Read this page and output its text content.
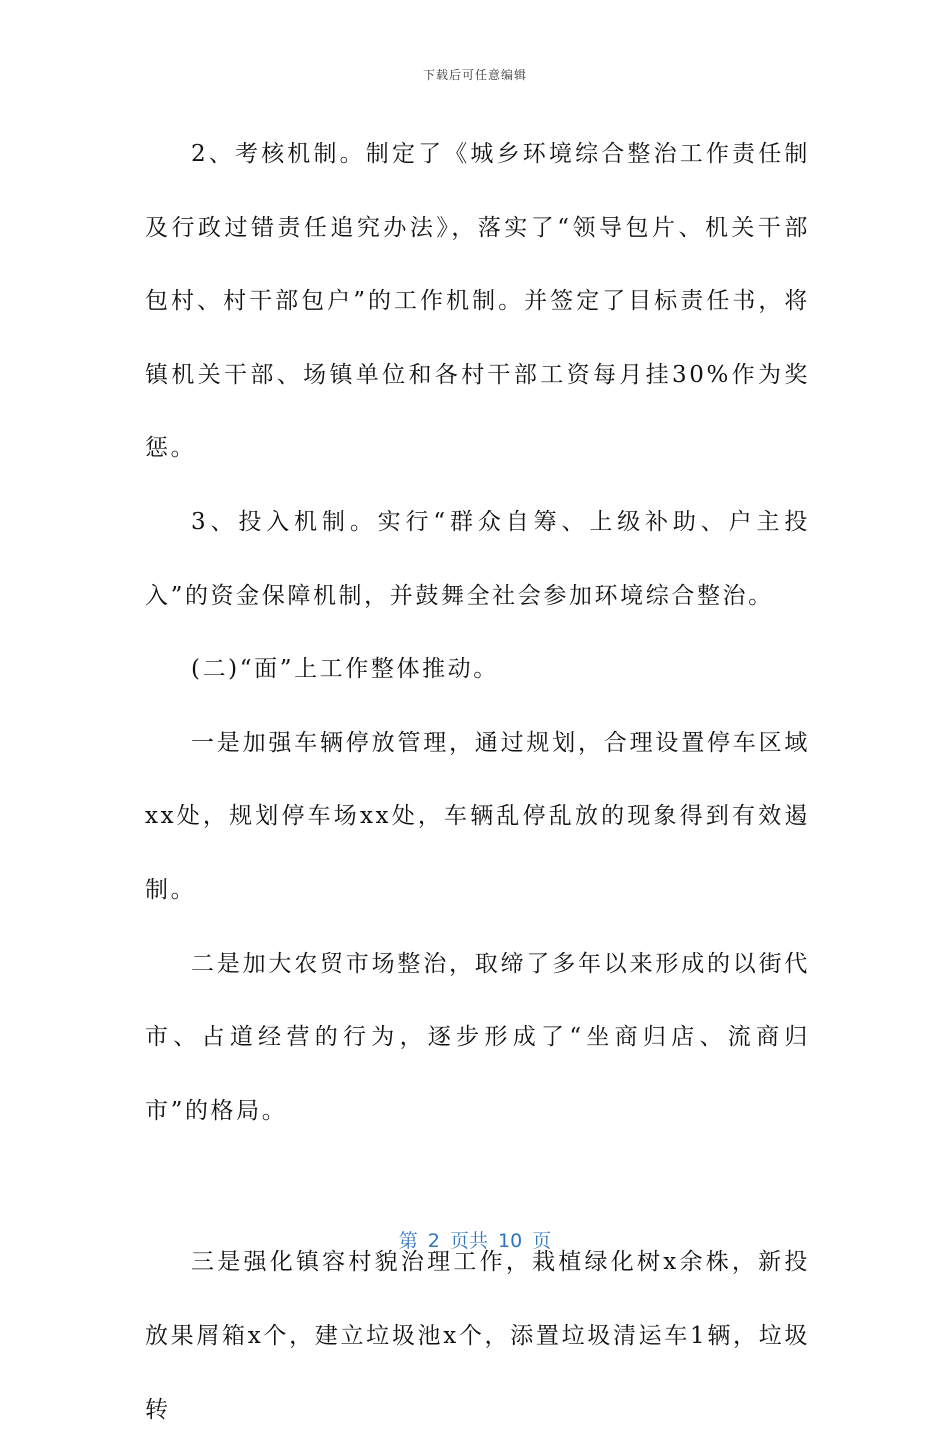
下载后可任意编辑

2、考核机制。制定了《城乡环境综合整治工作责任制及行政过错责任追究办法》，落实了“领导包片、机关干部包村、村干部包户”的工作机制。并签定了目标责任书，将镇机关干部、场镇单位和各村干部工资每月挂30%作为奖惩。

3、投入机制。实行“群众自筹、上级补助、户主投入”的资金保障机制，并鼓舞全社会参加环境综合整治。

(二)“面”上工作整体推动。

一是加强车辆停放管理，通过规划，合理设置停车区域xx处，规划停车场xx处，车辆乱停乱放的现象得到有效遏制。

二是加大农贸市场整治，取缔了多年以来形成的以街代市、占道经营的行为，逐步形成了“坐商归店、流商归市”的格局。

三是强化镇容村貌治理工作，栽植绿化树x余株，新投放果屑箱x个，建立垃圾池x个，添置垃圾清运车1辆，垃圾转

第 2 页共 10 页
